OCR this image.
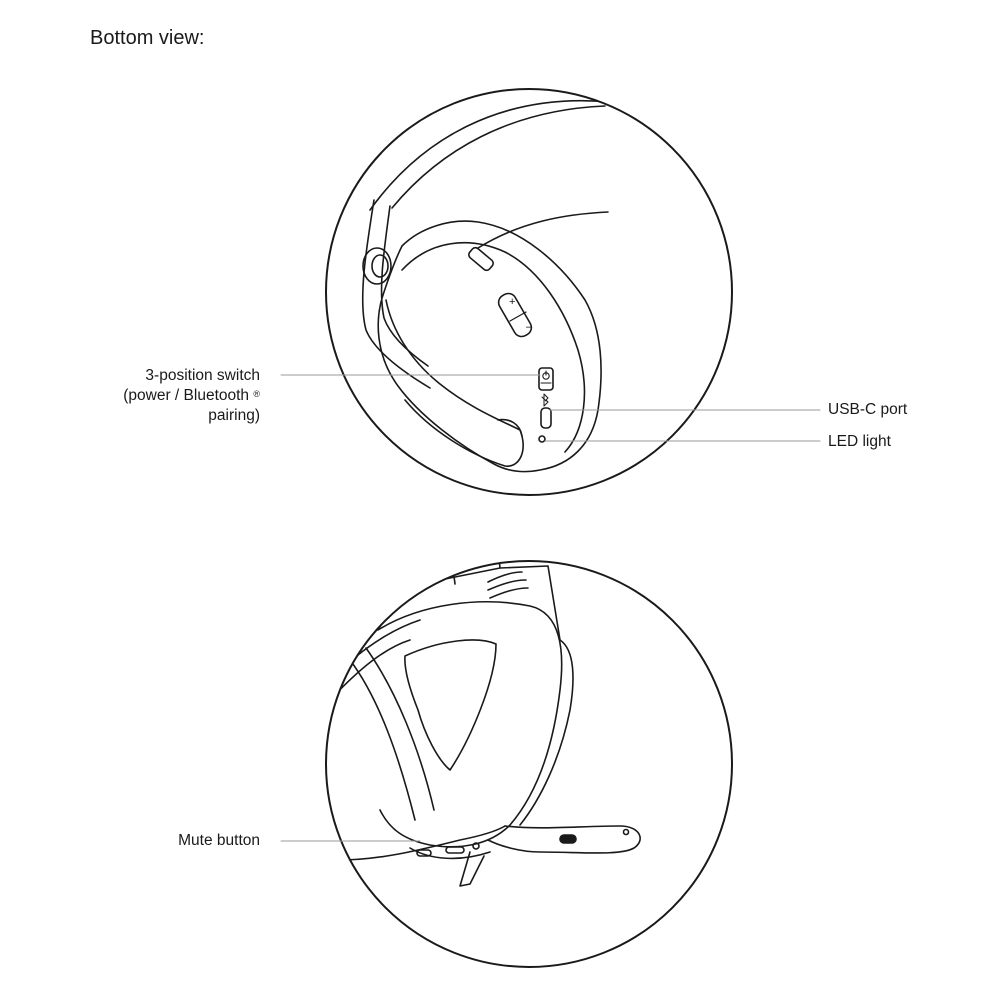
Bottom view:
+
–
3-position switch
(power / Bluetooth ®
pairing)	USB-C port
LED light
Mute button
